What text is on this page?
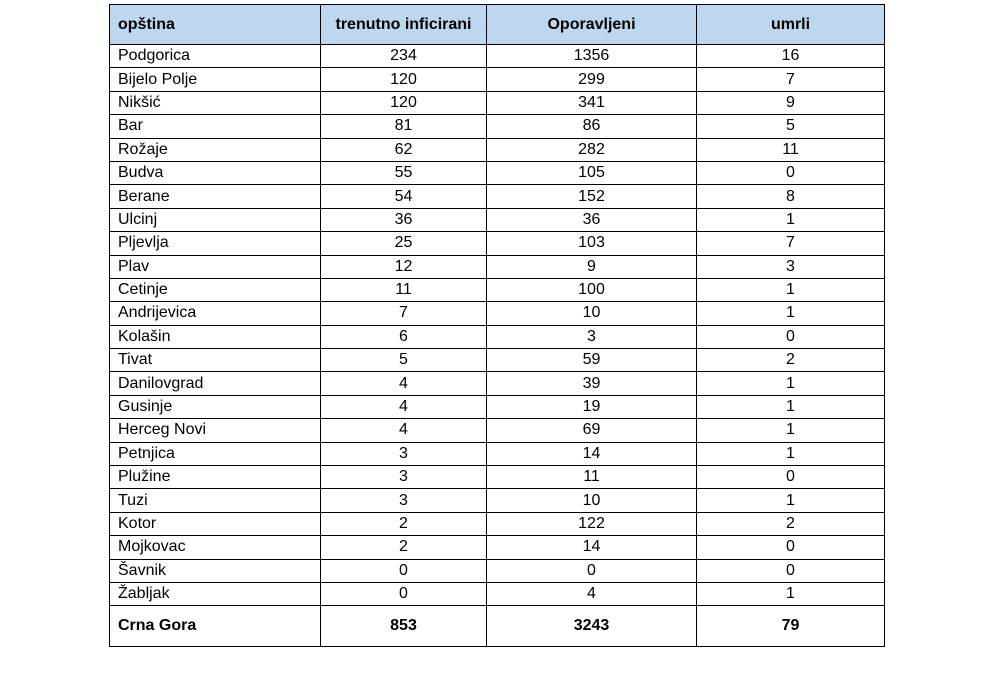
opština	trenutno inficirani	Oporavljeni	umrli
Podgorica	234	1356	16
Bijelo Polje	120	299	7
Nikšić	120	341	9
Bar	81	86	5
Rožaje	62	282	11
Budva	55	105	0
Berane	54	152	8
Ulcinj	36	36	1
Pljevlja	25	103	7
Plav	12	9	3
Cetinje	11	100	1
Andrijevica	7	10	1
Kolašin	6	3	0
Tivat	5	59	2
Danilovgrad	4	39	1
Gusinje	4	19	1
Herceg Novi	4	69	1
Petnjica	3	14	1
Plužine	3	11	0
Tuzi	3	10	1
Kotor	2	122	2
Mojkovac	2	14	0
Šavnik	0	0	0
Žabljak	0	4	1
Crna Gora	853	3243	79
